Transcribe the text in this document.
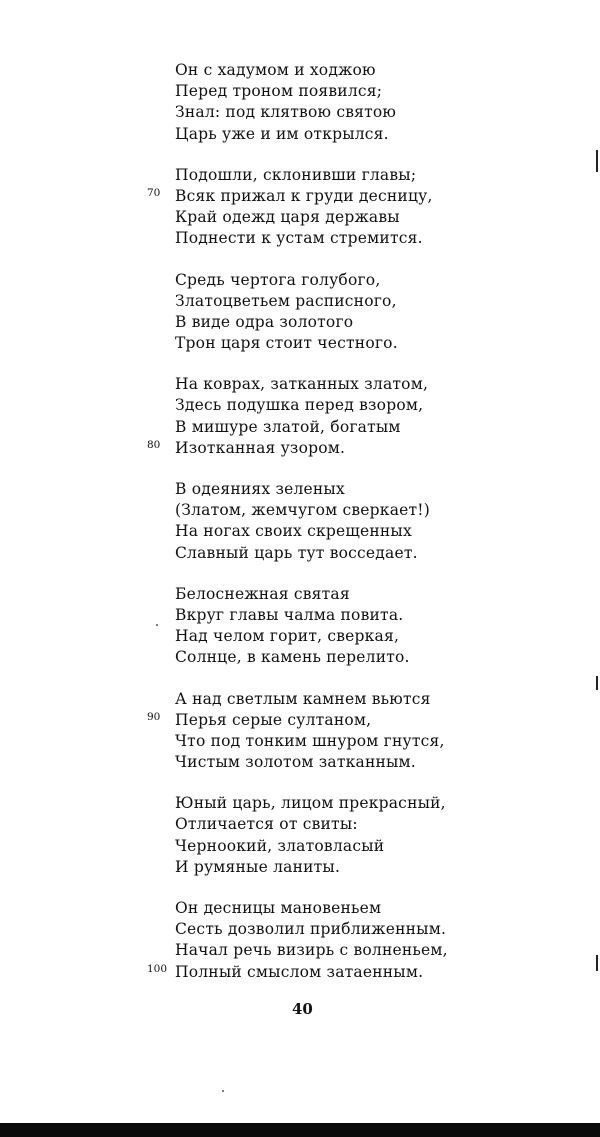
Он с хадумом и ходжою
Перед троном появился;
Знал: под клятвою святою
Царь уже и им открылся.
Подошли, склонивши главы;
70 Всяк прижал к груди десницу,
Край одежд царя державы
Поднести к устам стремится.
Средь чертога голубого,
Златоцветьем расписного,
В виде одра золотого
Трон царя стоит честного.
На коврах, затканных златом,
Здесь подушка перед взором,
В мишуре златой, богатым
80 Изотканная узором.
В одеяниях зеленых
(Златом, жемчугом сверкает!)
На ногах своих скрещенных
Славный царь тут восседает.
Белоснежная святая
Вкруг главы чалма повита.
Над челом горит, сверкая,
Солнце, в камень перелито.
А над светлым камнем вьются
90 Перья серые султаном,
Что под тонким шнуром гнутся,
Чистым золотом затканным.
Юный царь, лицом прекрасный,
Отличается от свиты:
Черноокий, златовласый
И румяные ланиты.
Он десницы мановеньем
Сесть дозволил приближенным.
Начал речь визирь с волненьем,
100 Полный смыслом затаенным.
40
